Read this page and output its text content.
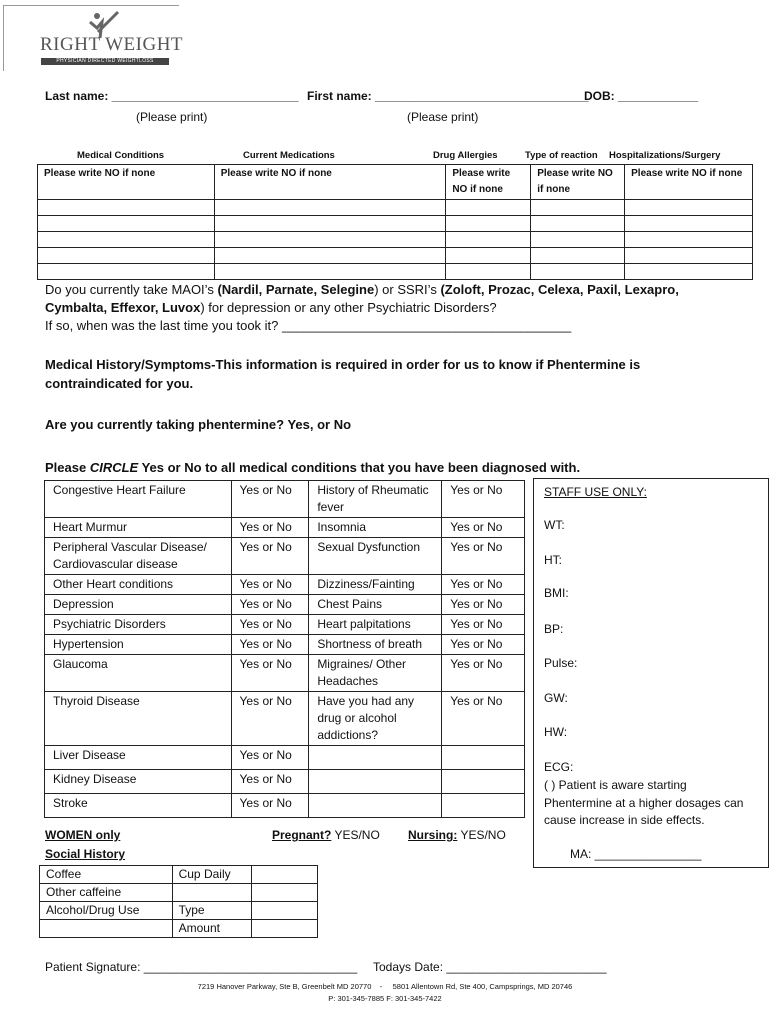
RIGHT WEIGHT
PHYSICIAN DIRECTED WEIGHTLOSS
Last name: ____________________________ First name: ________________________________
DOB: ____________
(Please print)	(Please print)
Medical Conditions	Current Medications	Drug Allergies	Type of reaction Hospitalizations/Surgery
Please write NO if none	Please write NO if none	Please write NO if none	Please write NO if none	Please write NO if none

Do you currently take MAOI’s (Nardil, Parnate, Selegine) or SSRI’s (Zoloft, Prozac, Celexa, Paxil, Lexapro,
Cymbalta, Effexor, Luvox) for depression or any other Psychiatric Disorders?
If so, when was the last time you took it? ________________________________________
Medical History/Symptoms-This information is required in order for us to know if Phentermine is
contraindicated for you.
Are you currently taking phentermine? Yes, or No
Please CIRCLE Yes or No to all medical conditions that you have been diagnosed with.
Congestive Heart Failure	Yes or No	History of Rheumatic fever	Yes or No
Heart Murmur	Yes or No	Insomnia	Yes or No
Peripheral Vascular Disease/ Cardiovascular disease	Yes or No	Sexual Dysfunction	Yes or No
Other Heart conditions	Yes or No	Dizziness/Fainting	Yes or No
Depression	Yes or No	Chest Pains	Yes or No
Psychiatric Disorders	Yes or No	Heart palpitations	Yes or No
Hypertension	Yes or No	Shortness of breath	Yes or No
Glaucoma	Yes or No	Migraines/ Other Headaches	Yes or No
Thyroid Disease	Yes or No	Have you had any drug or alcohol addictions?	Yes or No
Liver Disease	Yes or No		
Kidney Disease	Yes or No		
Stroke	Yes or No		
STAFF USE ONLY:
WT:
HT:
BMI:
BP:
Pulse:
GW:
HW:
ECG:
( ) Patient is aware starting Phentermine at a higher dosages can cause increase in side effects.
MA: ________________
WOMEN only	Pregnant? YES/NO Nursing: YES/NO
Social History
Coffee	Cup Daily	
Other caffeine		
Alcohol/Drug Use	Type	
	Amount	
Patient Signature: ________________________________ Todays Date: ________________________
7219 Hanover Parkway, Ste B, Greenbelt MD 20770    -     5801 Allentown Rd, Ste 400, Campsprings, MD 20746
P: 301-345-7885 F: 301-345-7422
